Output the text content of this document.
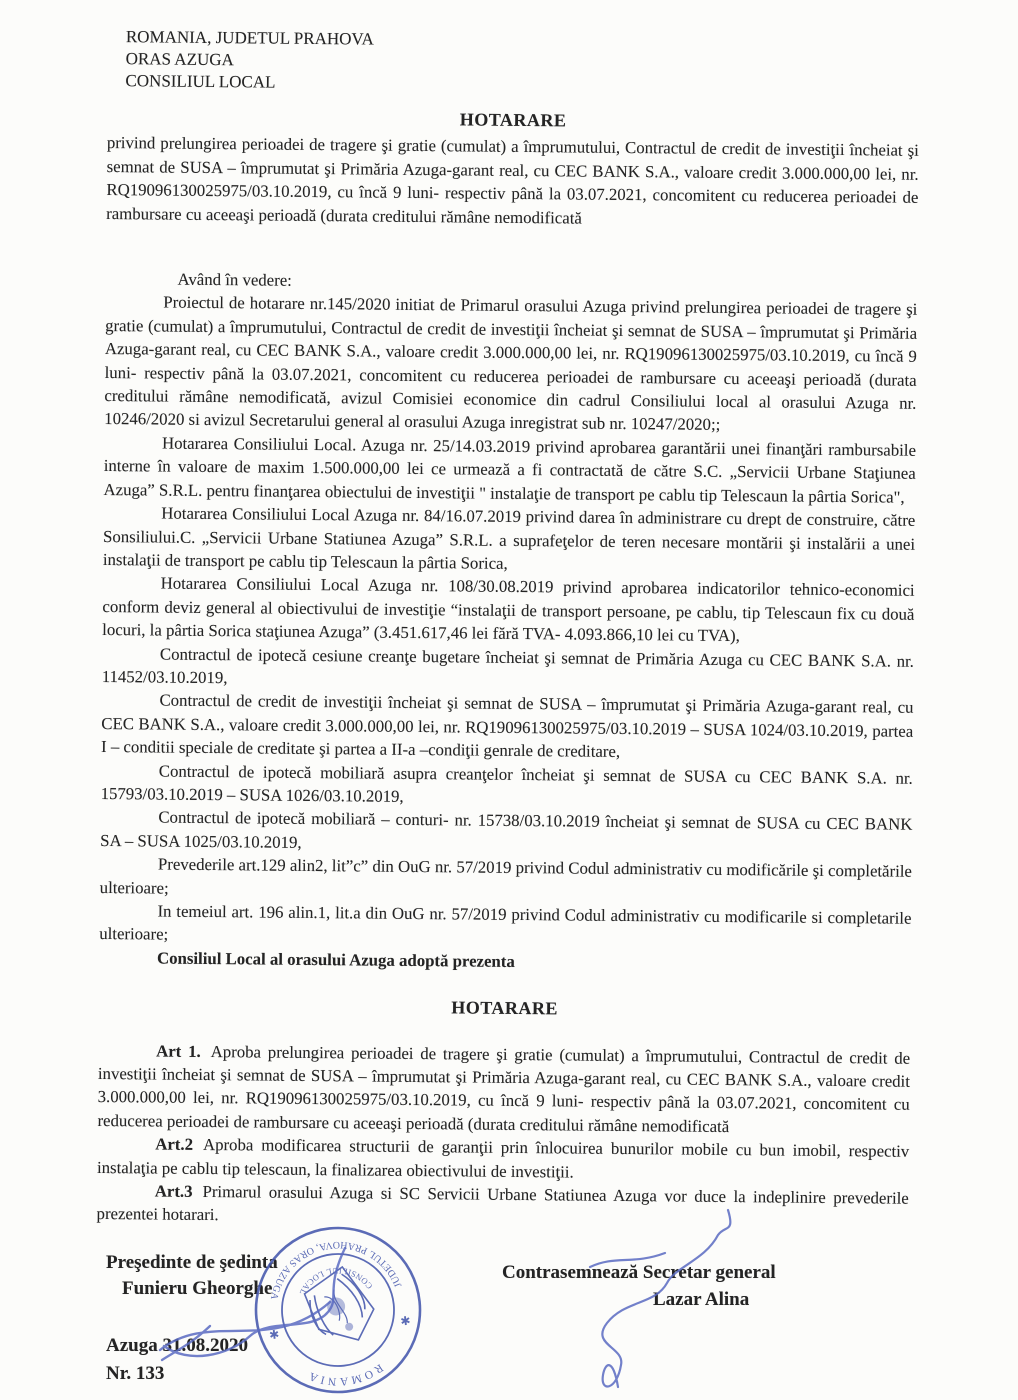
ROMANIA, JUDETUL PRAHOVA
ORAS AZUGA
CONSILIUL LOCAL
HOTARARE
privind prelungirea perioadei de tragere şi gratie (cumulat) a împrumutului, Contractul de credit de investiţii încheiat şi semnat de SUSA – împrumutat şi Primăria Azuga-garant real, cu CEC BANK S.A., valoare credit 3.000.000,00 lei, nr. RQ19096130025975/03.10.2019, cu încă 9 luni- respectiv până la 03.07.2021, concomitent cu reducerea perioadei de rambursare cu aceeaşi perioadă (durata creditului rămâne nemodificată
Având în vedere:

Proiectul de hotarare nr.145/2020 initiat de Primarul orasului Azuga privind prelungirea perioadei de tragere şi gratie (cumulat) a împrumutului, Contractul de credit de investiţii încheiat şi semnat de SUSA – împrumutat şi Primăria Azuga-garant real, cu CEC BANK S.A., valoare credit 3.000.000,00 lei, nr. RQ19096130025975/03.10.2019, cu încă 9 luni- respectiv până la 03.07.2021, concomitent cu reducerea perioadei de rambursare cu aceeaşi perioadă (durata creditului rămâne nemodificată, avizul Comisiei economice din cadrul Consiliului local al orasului Azuga nr. 10246/2020 si avizul Secretarului general al orasului Azuga inregistrat sub nr. 10247/2020;;

Hotararea Consiliului Local. Azuga nr. 25/14.03.2019 privind aprobarea garantării unei finanţări rambursabile interne în valoare de maxim 1.500.000,00 lei ce urmează a fi contractată de către S.C. „Servicii Urbane Staţiunea Azuga” S.R.L. pentru finanţarea obiectului de investiţii " instalaţie de transport pe cablu tip Telescaun la pârtia Sorica",

Hotararea Consiliului Local Azuga nr. 84/16.07.2019 privind darea în administrare cu drept de construire, către Sonsiliului.C. „Servicii Urbane Statiunea Azuga” S.R.L. a suprafeţelor de teren necesare montării şi instalării a unei instalaţii de transport pe cablu tip Telescaun la pârtia Sorica,

Hotararea Consiliului Local Azuga nr. 108/30.08.2019 privind aprobarea indicatorilor tehnico-economici conform deviz general al obiectivului de investiţie “instalaţii de transport persoane, pe cablu, tip Telescaun fix cu două locuri, la pârtia Sorica staţiunea Azuga” (3.451.617,46 lei fără TVA- 4.093.866,10 lei cu TVA),

Contractul de ipotecă cesiune creanţe bugetare încheiat şi semnat de Primăria Azuga cu CEC BANK S.A. nr. 11452/03.10.2019,

Contractul de credit de investiţii încheiat şi semnat de SUSA – împrumutat şi Primăria Azuga-garant real, cu CEC BANK S.A., valoare credit 3.000.000,00 lei, nr. RQ19096130025975/03.10.2019 – SUSA 1024/03.10.2019, partea I – conditii speciale de creditate şi partea a II-a –condiţii genrale de creditare,

Contractul de ipotecă mobiliară asupra creanţelor încheiat şi semnat de SUSA cu CEC BANK S.A. nr. 15793/03.10.2019 – SUSA 1026/03.10.2019,

Contractul de ipotecă mobiliară – conturi- nr. 15738/03.10.2019 încheiat şi semnat de SUSA cu CEC BANK SA – SUSA 1025/03.10.2019,

Prevederile art.129 alin2, lit”c” din OuG nr. 57/2019 privind Codul administrativ cu modificările şi completările ulterioare;

In temeiul art. 196 alin.1, lit.a din OuG nr. 57/2019 privind Codul administrativ cu modificarile si completarile ulterioare;

Consiliul Local al orasului Azuga adoptă prezenta

HOTARARE

Art 1. Aproba prelungirea perioadei de tragere şi gratie (cumulat) a împrumutului, Contractul de credit de investiţii încheiat şi semnat de SUSA – împrumutat şi Primăria Azuga-garant real, cu CEC BANK S.A., valoare credit 3.000.000,00 lei, nr. RQ19096130025975/03.10.2019, cu încă 9 luni- respectiv până la 03.07.2021, concomitent cu reducerea perioadei de rambursare cu aceeaşi perioadă (durata creditului rămâne nemodificată

Art.2 Aproba modificarea structurii de garanţii prin înlocuirea bunurilor mobile cu bun imobil, respectiv instalaţia pe cablu tip telescaun, la finalizarea obiectivului de investiţii.

Art.3 Primarul orasului Azuga si SC Servicii Urbane Statiunea Azuga vor duce la indeplinire prevederile prezentei hotarari.

Preşedinte de şedinta
Funieru Gheorghe
Azuga 31.08.2020
Nr. 133
Contrasemnează Secretar general
Lazar Alina
JUDETUL PRAHOVA, ORAS AZUGA
ROMANIA
CONSILIUL LOCAL
✱
✱
